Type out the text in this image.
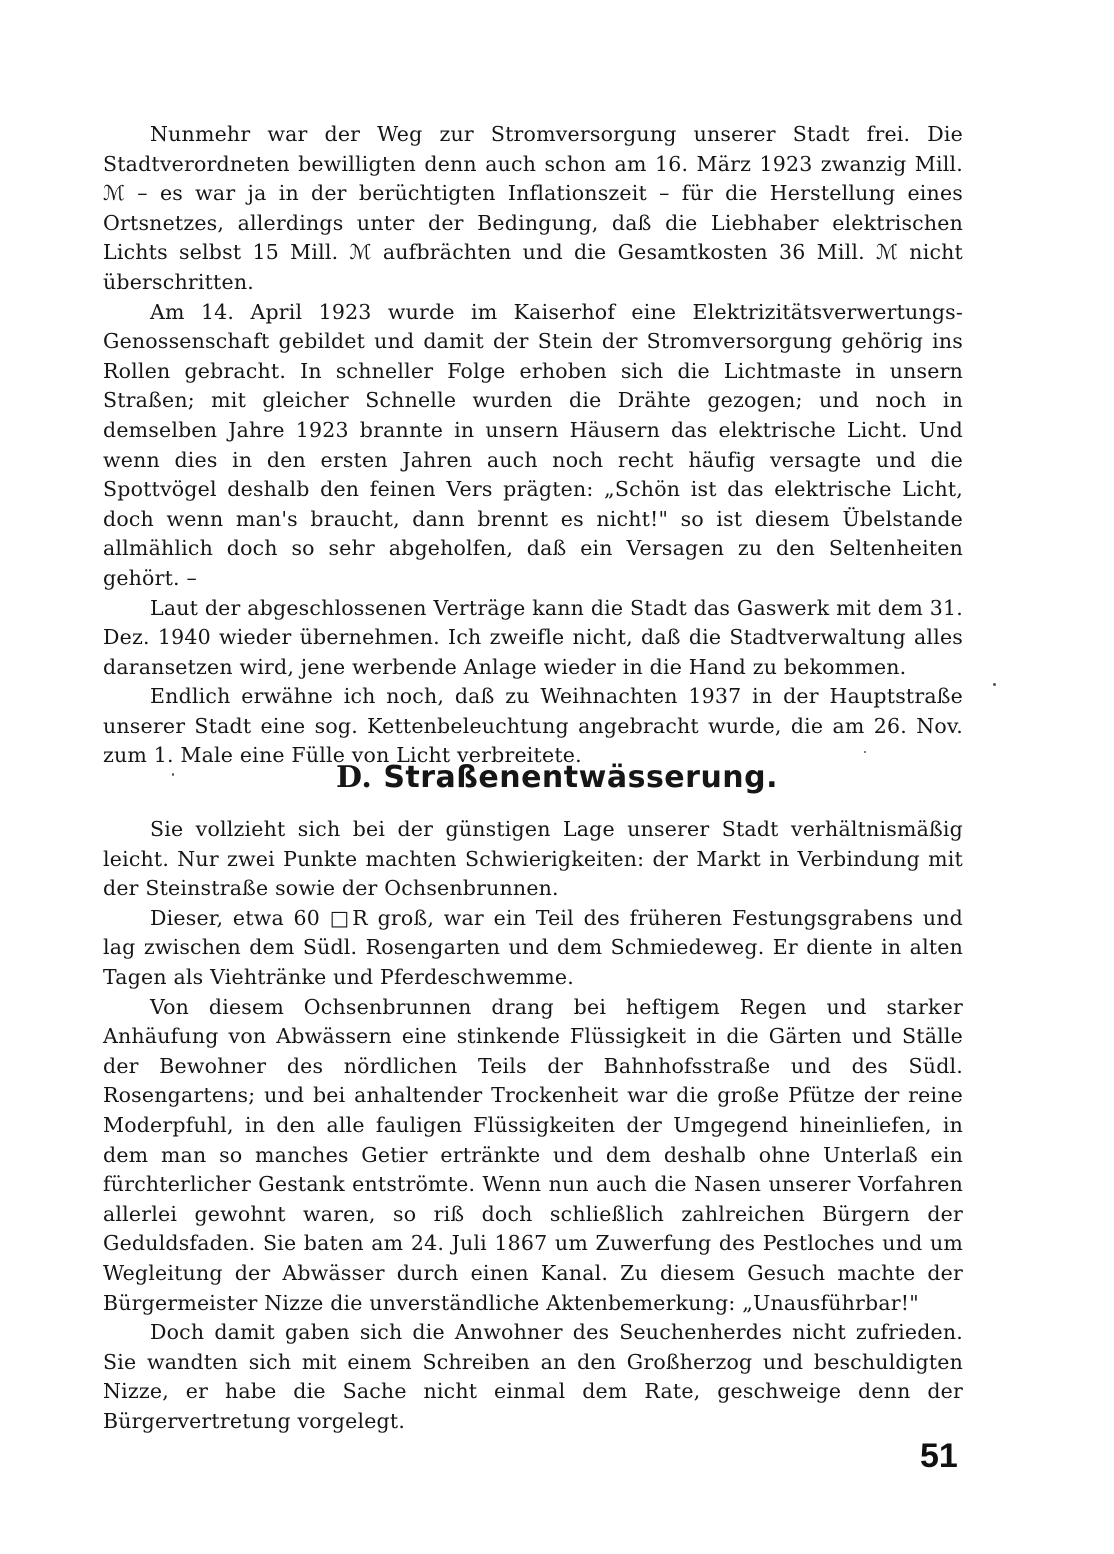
Nunmehr war der Weg zur Stromversorgung unserer Stadt frei. Die Stadtverordneten bewilligten denn auch schon am 16. März 1923 zwanzig Mill. ℳ – es war ja in der berüchtigten Inflationszeit – für die Herstellung eines Ortsnetzes, allerdings unter der Bedingung, daß die Liebhaber elektrischen Lichts selbst 15 Mill. ℳ aufbrächten und die Gesamtkosten 36 Mill. ℳ nicht überschritten.

Am 14. April 1923 wurde im Kaiserhof eine Elektrizitätsverwertungs-Genossenschaft gebildet und damit der Stein der Stromversorgung gehörig ins Rollen gebracht. In schneller Folge erhoben sich die Lichtmaste in unsern Straßen; mit gleicher Schnelle wurden die Drähte gezogen; und noch in demselben Jahre 1923 brannte in unsern Häusern das elektrische Licht. Und wenn dies in den ersten Jahren auch noch recht häufig versagte und die Spottvögel deshalb den feinen Vers prägten: „Schön ist das elektrische Licht, doch wenn man's braucht, dann brennt es nicht!" so ist diesem Übelstande allmählich doch so sehr abgeholfen, daß ein Versagen zu den Seltenheiten gehört. –

Laut der abgeschlossenen Verträge kann die Stadt das Gaswerk mit dem 31. Dez. 1940 wieder übernehmen. Ich zweifle nicht, daß die Stadtverwaltung alles daransetzen wird, jene werbende Anlage wieder in die Hand zu bekommen.

Endlich erwähne ich noch, daß zu Weihnachten 1937 in der Hauptstraße unserer Stadt eine sog. Kettenbeleuchtung angebracht wurde, die am 26. Nov. zum 1. Male eine Fülle von Licht verbreitete.

D. Straßenentwässerung.

Sie vollzieht sich bei der günstigen Lage unserer Stadt verhältnismäßig leicht. Nur zwei Punkte machten Schwierigkeiten: der Markt in Verbindung mit der Steinstraße sowie der Ochsenbrunnen.

Dieser, etwa 60 □R groß, war ein Teil des früheren Festungsgrabens und lag zwischen dem Südl. Rosengarten und dem Schmiedeweg. Er diente in alten Tagen als Viehtränke und Pferdeschwemme.

Von diesem Ochsenbrunnen drang bei heftigem Regen und starker Anhäufung von Abwässern eine stinkende Flüssigkeit in die Gärten und Ställe der Bewohner des nördlichen Teils der Bahnhofsstraße und des Südl. Rosengartens; und bei anhaltender Trockenheit war die große Pfütze der reine Moderpfuhl, in den alle fauligen Flüssigkeiten der Umgegend hineinliefen, in dem man so manches Getier ertränkte und dem deshalb ohne Unterlaß ein fürchterlicher Gestank entströmte. Wenn nun auch die Nasen unserer Vorfahren allerlei gewohnt waren, so riß doch schließlich zahlreichen Bürgern der Geduldsfaden. Sie baten am 24. Juli 1867 um Zuwerfung des Pestloches und um Wegleitung der Abwässer durch einen Kanal. Zu diesem Gesuch machte der Bürgermeister Nizze die unverständliche Aktenbemerkung: „Unausführbar!"

Doch damit gaben sich die Anwohner des Seuchenherdes nicht zufrieden. Sie wandten sich mit einem Schreiben an den Großherzog und beschuldigten Nizze, er habe die Sache nicht einmal dem Rate, geschweige denn der Bürgervertretung vorgelegt.

51
